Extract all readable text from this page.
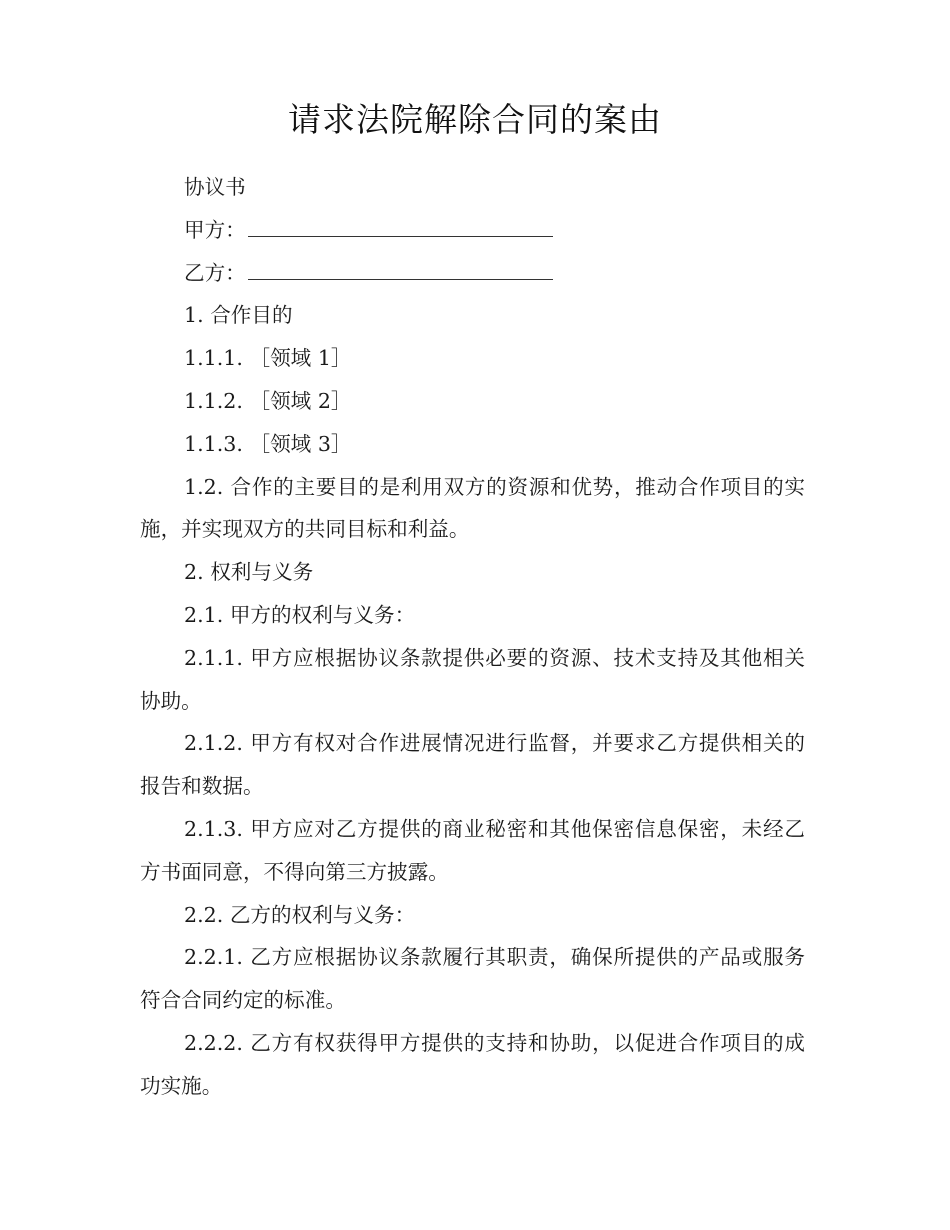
请求法院解除合同的案由

协议书

甲方：

乙方：

1. 合作目的

1.1.1. ［领域 1］

1.1.2. ［领域 2］

1.1.3. ［领域 3］

1.2. 合作的主要目的是利用双方的资源和优势，推动合作项目的实施，并实现双方的共同目标和利益。

2. 权利与义务

2.1. 甲方的权利与义务：

2.1.1. 甲方应根据协议条款提供必要的资源、技术支持及其他相关协助。

2.1.2. 甲方有权对合作进展情况进行监督，并要求乙方提供相关的报告和数据。

2.1.3. 甲方应对乙方提供的商业秘密和其他保密信息保密，未经乙方书面同意，不得向第三方披露。

2.2. 乙方的权利与义务：

2.2.1. 乙方应根据协议条款履行其职责，确保所提供的产品或服务符合合同约定的标准。

2.2.2. 乙方有权获得甲方提供的支持和协助，以促进合作项目的成功实施。
